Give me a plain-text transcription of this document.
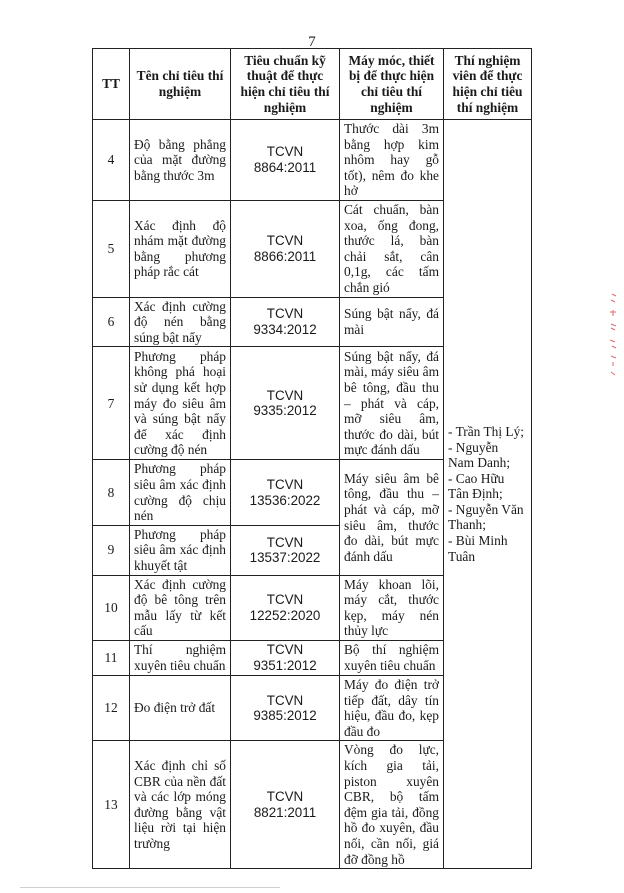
7
TT	Tên chỉ tiêu thí nghiệm	Tiêu chuẩn kỹ thuật để thực hiện chỉ tiêu thí nghiệm	Máy móc, thiết bị để thực hiện chỉ tiêu thí nghiệm	Thí nghiệm viên để thực hiện chỉ tiêu thí nghiệm
4	Độ bằng phẳng của mặt đường bằng thước 3m	TCVN 8864:2011	Thước dài 3m bằng hợp kim nhôm hay gỗ tốt), nêm đo khe hở	- Trần Thị Lý;
- Nguyễn Nam Danh;
- Cao Hữu Tân Định;
- Nguyễn Văn Thanh;
- Bùi Minh Tuân

5	Xác định độ nhám mặt đường bằng phương pháp rắc cát	TCVN 8866:2011	Cát chuẩn, bàn xoa, ống đong, thước lá, bàn chải sắt, cân 0,1g, các tấm chắn gió	
6	Xác định cường độ nén bằng súng bật nẩy	TCVN 9334:2012	Súng bật nẩy, đá mài	
7	Phương pháp không phá hoại sử dụng kết hợp máy đo siêu âm và súng bật nẩy để xác định cường độ nén	TCVN 9335:2012	Súng bật nẩy, đá mài, máy siêu âm bê tông, đầu thu – phát và cáp, mỡ siêu âm, thước đo dài, bút mực đánh dấu	
8	Phương pháp siêu âm xác định cường độ chịu nén	TCVN 13536:2022	Máy siêu âm bê tông, đầu thu – phát và cáp, mỡ siêu âm, thước đo dài, bút mực đánh dấu	
9	Phương pháp siêu âm xác định khuyết tật	TCVN 13537:2022		
10	Xác định cường độ bê tông trên mẫu lấy từ kết cấu	TCVN 12252:2020	Máy khoan lõi, máy cắt, thước kẹp, máy nén thủy lực	
11	Thí nghiệm xuyên tiêu chuẩn	TCVN 9351:2012	Bộ thí nghiệm xuyên tiêu chuẩn	
12	Đo điện trở đất	TCVN 9385:2012	Máy đo điện trở tiếp đất, dây tín hiệu, đầu đo, kẹp đầu đo	
13	Xác định chỉ số CBR của nền đất và các lớp móng đường bằng vật liệu rời tại hiện trường	TCVN 8821:2011	Vòng đo lực, kích gia tải, piston xuyên CBR, bộ tấm đệm gia tải, đồng hồ đo xuyên, đầu nối, cần nối, giá đỡ đồng hồ	
